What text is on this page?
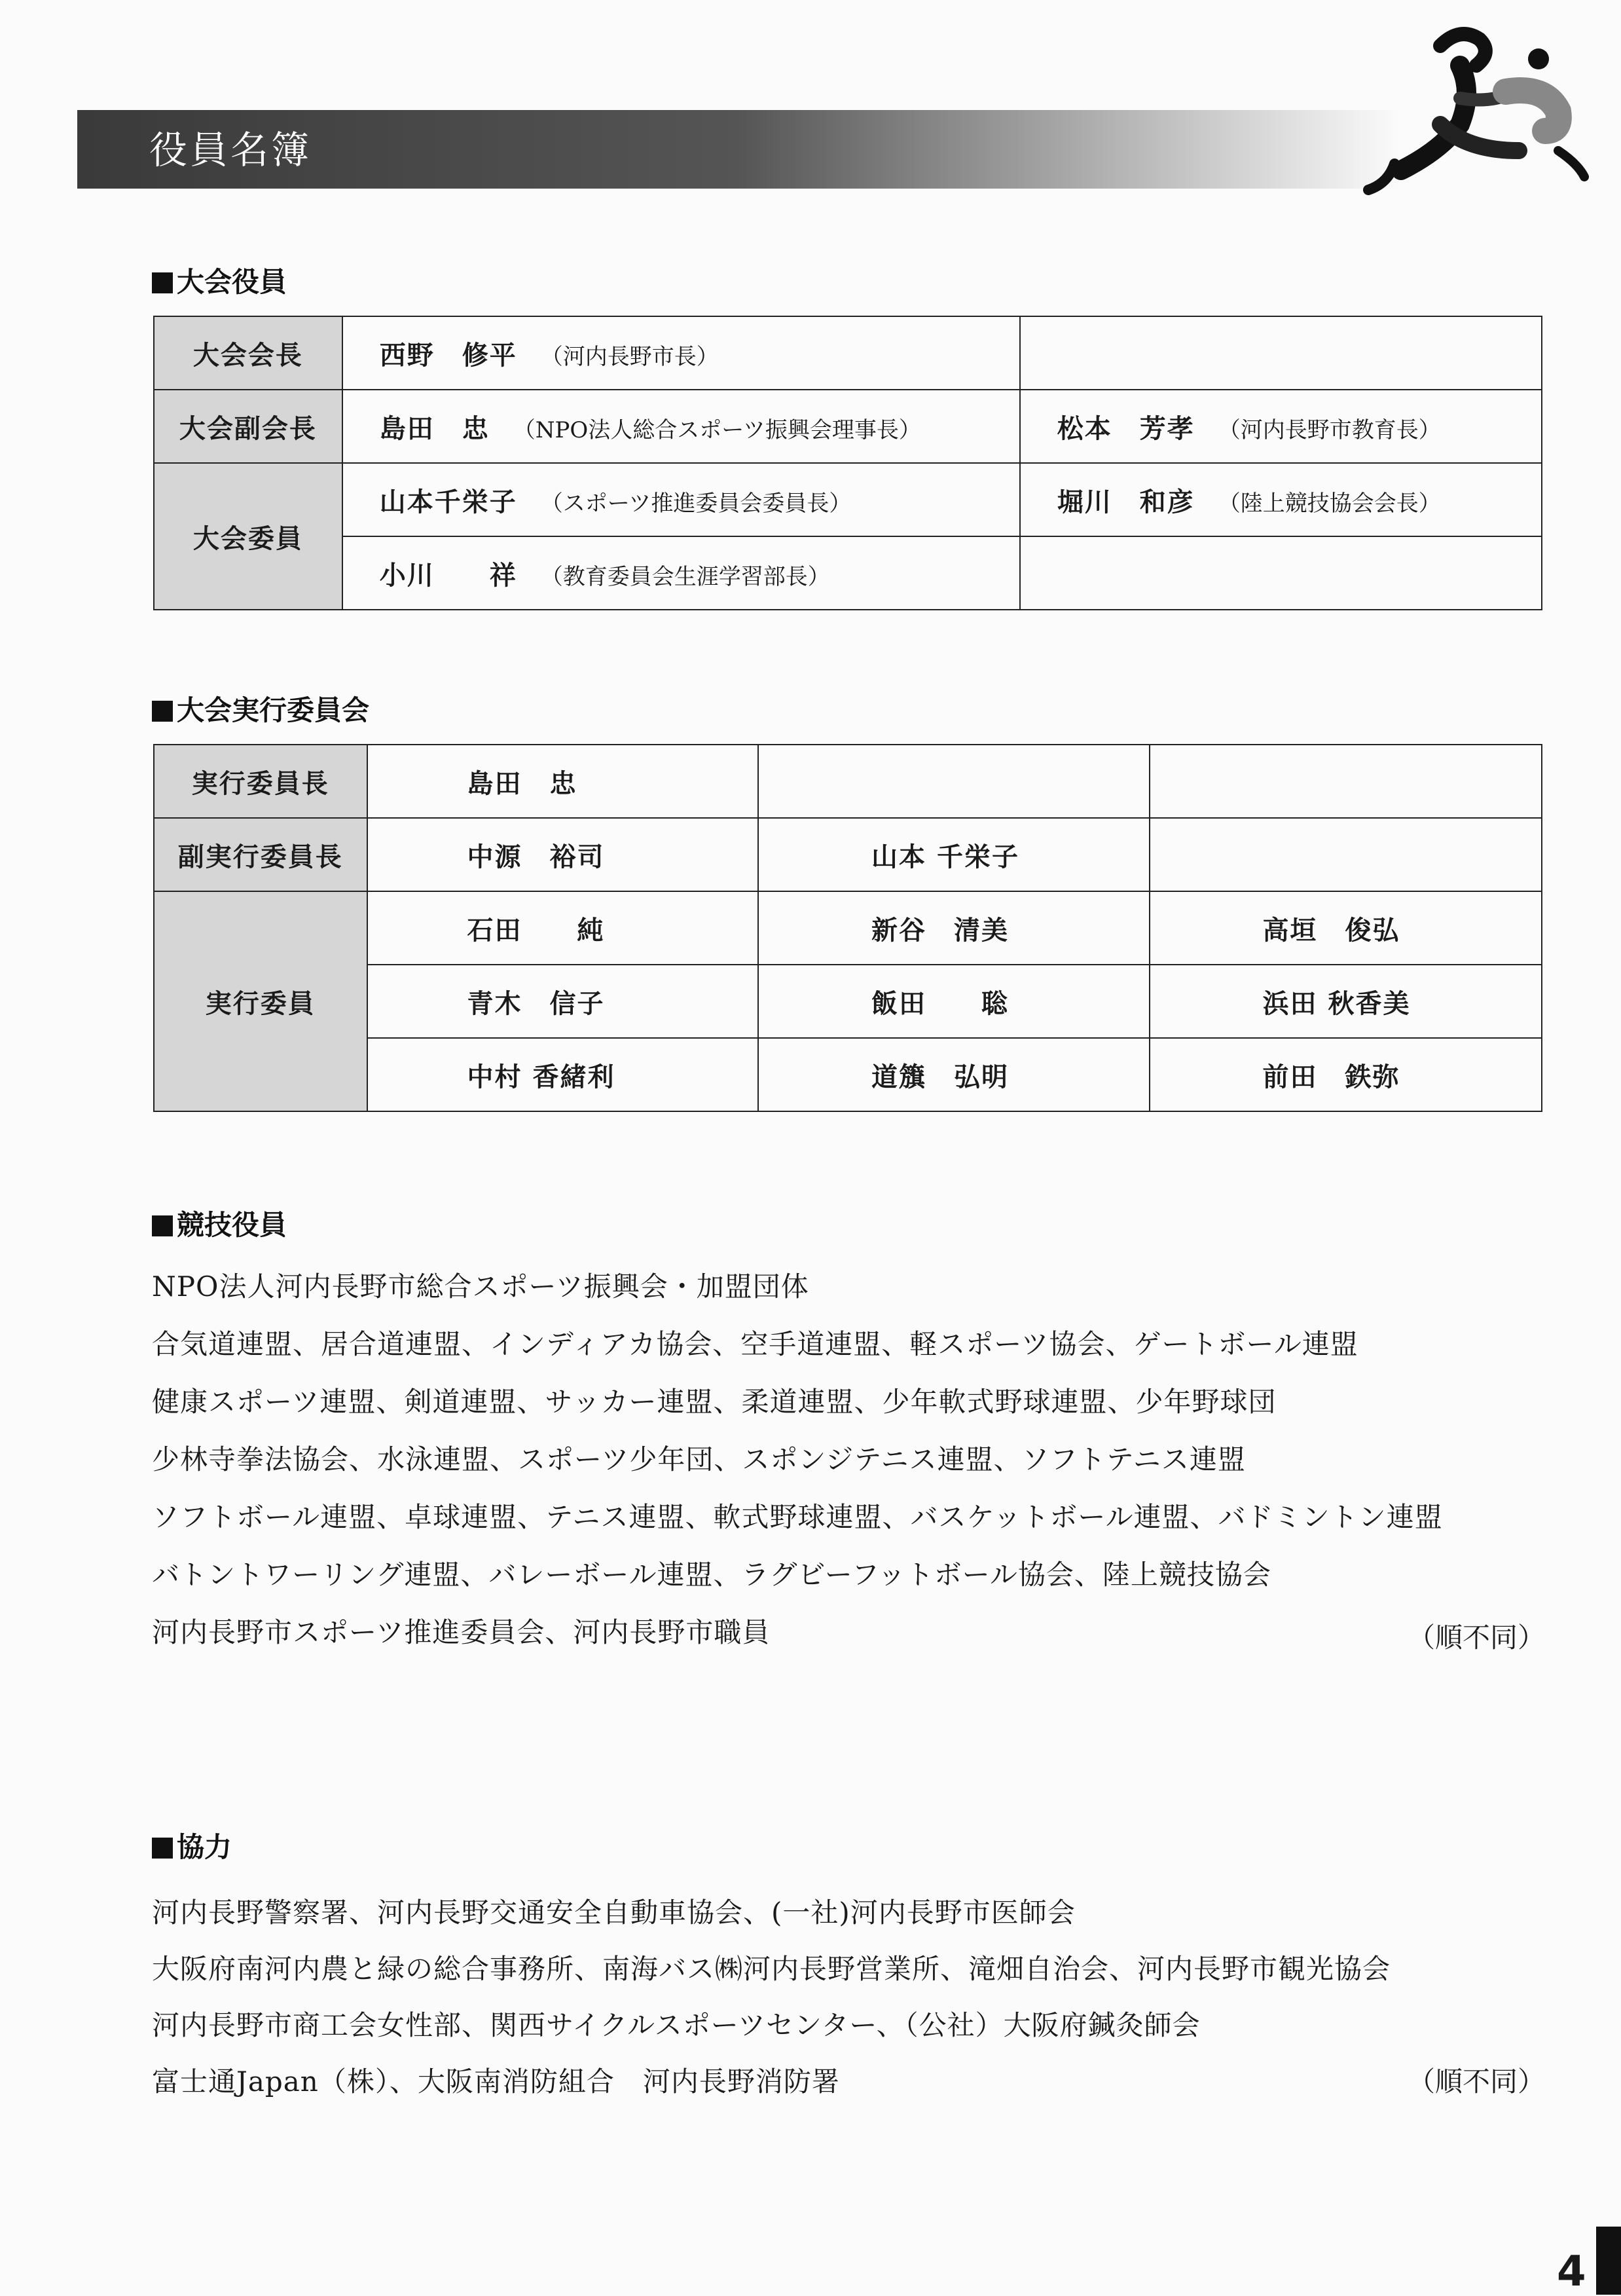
役員名簿
大会役員
大会会長	西野　修平 （河内長野市長）	
大会副会長	島田　忠 （NPO法人総合スポーツ振興会理事長）	松本　芳孝 （河内長野市教育長）
大会委員	山本千栄子 （スポーツ推進委員会委員長）	堀川　和彦 （陸上競技協会会長）
	小川　　祥 （教育委員会生涯学習部長）	
大会実行委員会
実行委員長	島田　忠		
副実行委員長	中源　裕司	山本 千栄子	
実行委員	石田　　純	新谷　清美	高垣　俊弘
	青木　信子	飯田　　聡	浜田 秋香美
	中村 香緒利	道籏　弘明	前田　鉄弥
競技役員
NPO法人河内長野市総合スポーツ振興会・加盟団体
合気道連盟、居合道連盟、インディアカ協会、空手道連盟、軽スポーツ協会、ゲートボール連盟
健康スポーツ連盟、剣道連盟、サッカー連盟、柔道連盟、少年軟式野球連盟、少年野球団
少林寺拳法協会、水泳連盟、スポーツ少年団、スポンジテニス連盟、ソフトテニス連盟
ソフトボール連盟、卓球連盟、テニス連盟、軟式野球連盟、バスケットボール連盟、バドミントン連盟
バトントワーリング連盟、バレーボール連盟、ラグビーフットボール協会、陸上競技協会
河内長野市スポーツ推進委員会、河内長野市職員	（順不同）
協力
河内長野警察署、河内長野交通安全自動車協会、(一社)河内長野市医師会
大阪府南河内農と緑の総合事務所、南海バス㈱河内長野営業所、滝畑自治会、河内長野市観光協会
河内長野市商工会女性部、関西サイクルスポーツセンター、（公社）大阪府鍼灸師会
富士通Japan（株）、大阪南消防組合　河内長野消防署	（順不同）
4
